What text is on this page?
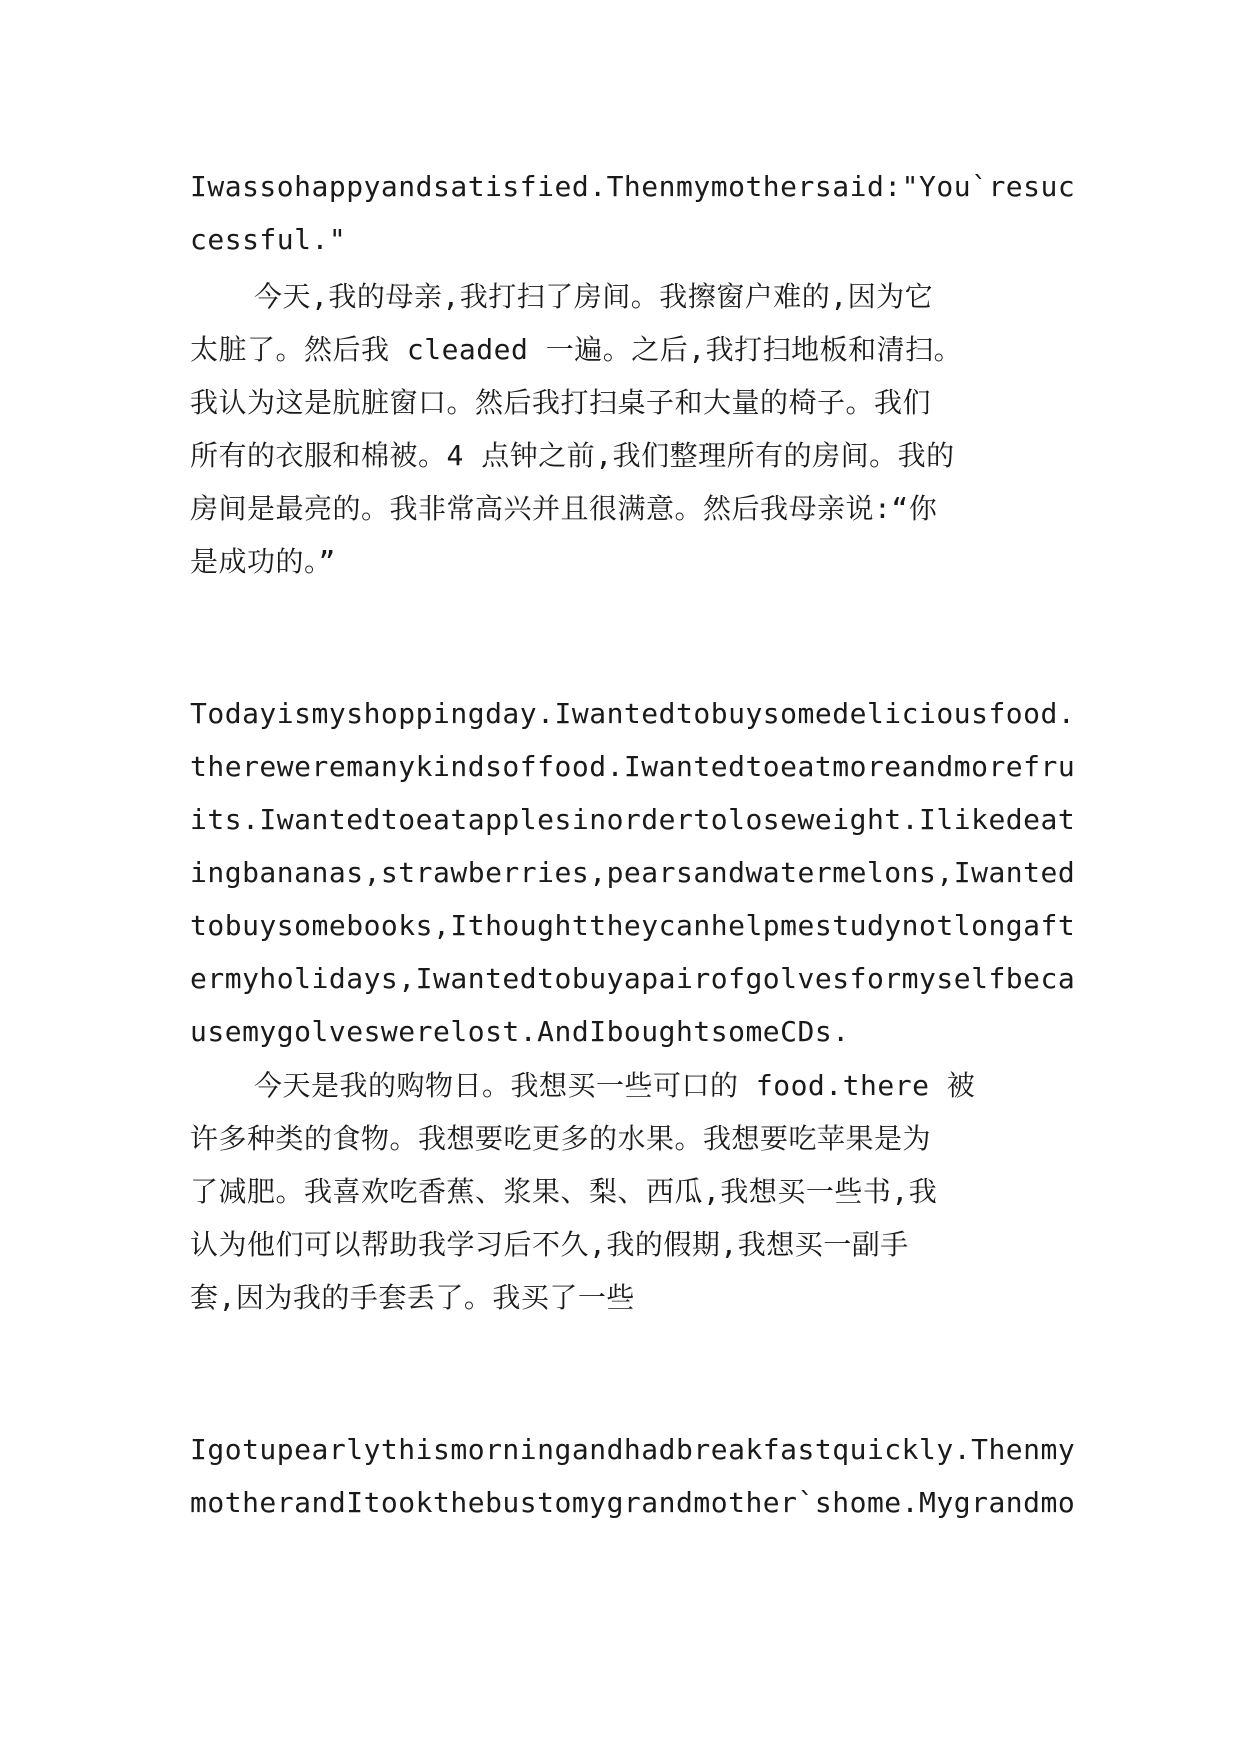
Iwassohappyandsatisfied.Thenmymothersaid:"You`resuc
cessful."
今天,我的母亲,我打扫了房间。我擦窗户难的,因为它
太脏了。然后我 cleaded 一遍。之后,我打扫地板和清扫。
我认为这是肮脏窗口。然后我打扫桌子和大量的椅子。我们
所有的衣服和棉被。4 点钟之前,我们整理所有的房间。我的
房间是最亮的。我非常高兴并且很满意。然后我母亲说:“你
是成功的。”
Todayismyshoppingday.Iwantedtobuysomedeliciousfood.
thereweremanykindsoffood.Iwantedtoeatmoreandmorefru
its.Iwantedtoeatapplesinordertoloseweight.Ilikedeat
ingbananas,strawberries,pearsandwatermelons,Iwanted
tobuysomebooks,Ithoughttheycanhelpmestudynotlongaft
ermyholidays,Iwantedtobuyapairofgolvesformyselfbeca
usemygolveswerelost.AndIboughtsomeCDs.
今天是我的购物日。我想买一些可口的 food.there 被
许多种类的食物。我想要吃更多的水果。我想要吃苹果是为
了减肥。我喜欢吃香蕉、浆果、梨、西瓜,我想买一些书,我
认为他们可以帮助我学习后不久,我的假期,我想买一副手
套,因为我的手套丢了。我买了一些
Igotupearlythismorningandhadbreakfastquickly.Thenmy
motherandItookthebustomygrandmother`shome.Mygrandmo
